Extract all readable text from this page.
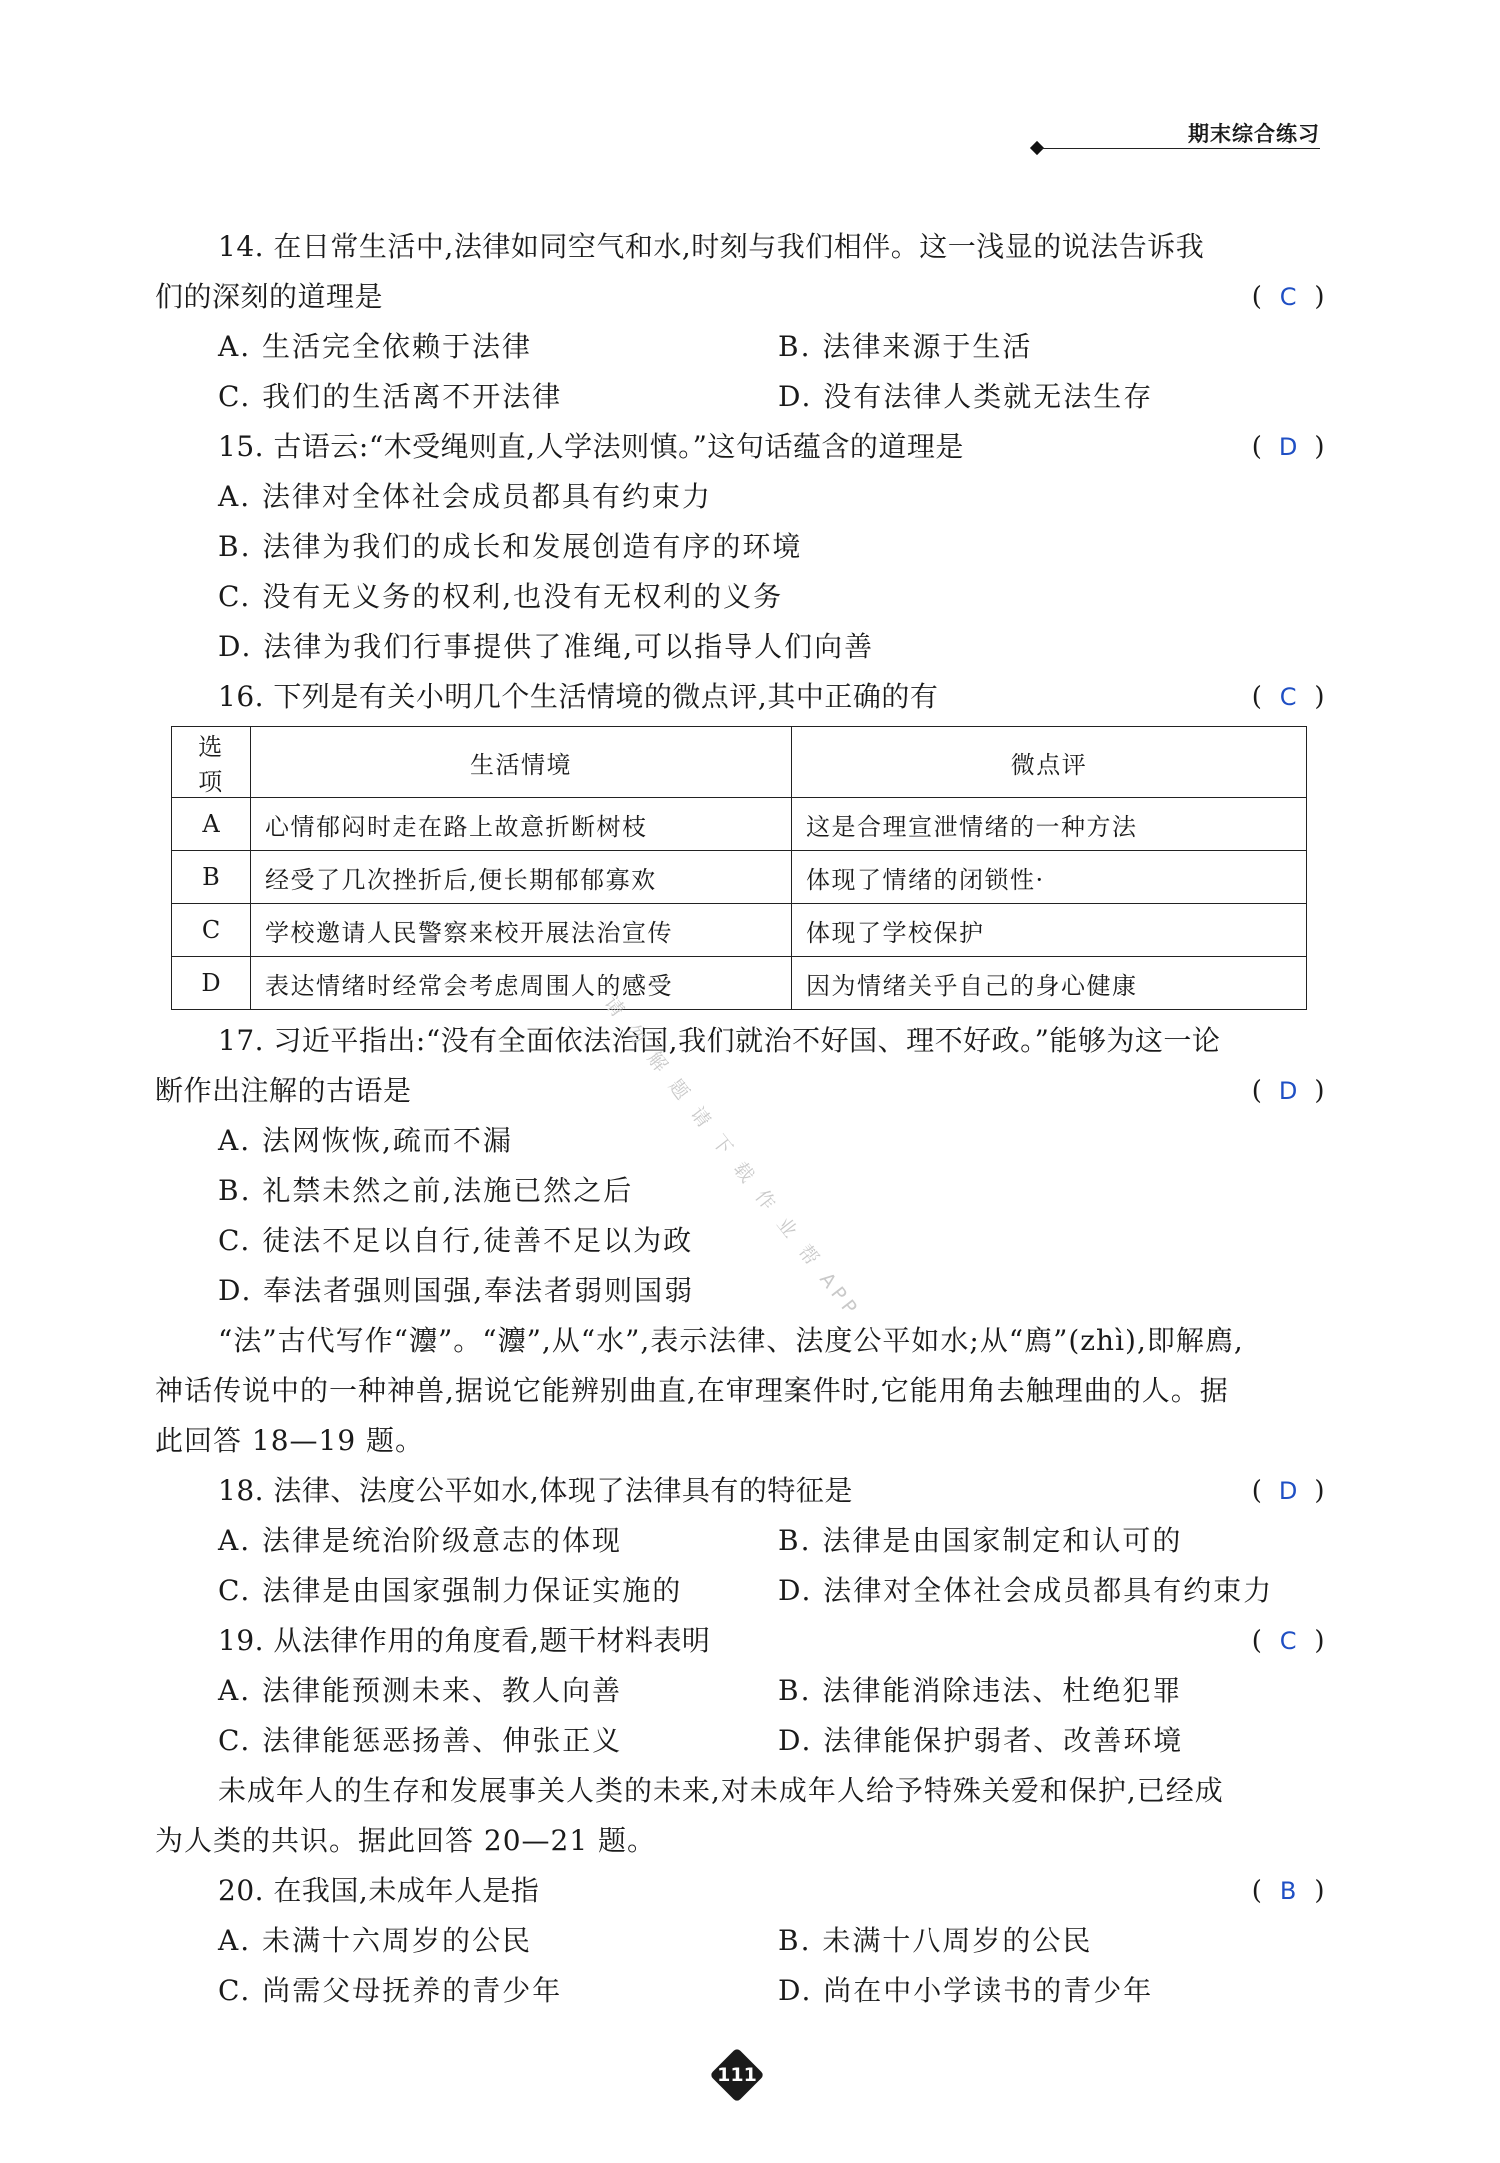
期末综合练习
14. 在日常生活中,法律如同空气和水,时刻与我们相伴。这一浅显的说法告诉我
们的深刻的道理是	( C )
A. 生活完全依赖于法律	B. 法律来源于生活
C. 我们的生活离不开法律	D. 没有法律人类就无法生存
15. 古语云:“木受绳则直,人学法则慎。”这句话蕴含的道理是	( D )
A. 法律对全体社会成员都具有约束力
B. 法律为我们的成长和发展创造有序的环境
C. 没有无义务的权利,也没有无权利的义务
D. 法律为我们行事提供了准绳,可以指导人们向善
16. 下列是有关小明几个生活情境的微点评,其中正确的有	( C )
选项	生活情境	微点评
A	心情郁闷时走在路上故意折断树枝	这是合理宣泄情绪的一种方法
B	经受了几次挫折后,便长期郁郁寡欢	体现了情绪的闭锁性·
C	学校邀请人民警察来校开展法治宣传	体现了学校保护
D	表达情绪时经常会考虑周围人的感受	因为情绪关乎自己的身心健康
17. 习近平指出:“没有全面依法治国,我们就治不好国、理不好政。”能够为这一论
断作出注解的古语是	( D )
A. 法网恢恢,疏而不漏
B. 礼禁未然之前,法施已然之后
C. 徒法不足以自行,徒善不足以为政
D. 奉法者强则国强,奉法者弱则国弱
“法”古代写作“灋”。“灋”,从“水”,表示法律、法度公平如水;从“廌”(zhì),即解廌,
神话传说中的一种神兽,据说它能辨别曲直,在审理案件时,它能用角去触理曲的人。据
此回答 18—19 题。
18. 法律、法度公平如水,体现了法律具有的特征是	( D )
A. 法律是统治阶级意志的体现	B. 法律是由国家制定和认可的
C. 法律是由国家强制力保证实施的	D. 法律对全体社会成员都具有约束力
19. 从法律作用的角度看,题干材料表明	( C )
A. 法律能预测未来、教人向善	B. 法律能消除违法、杜绝犯罪
C. 法律能惩恶扬善、伸张正义	D. 法律能保护弱者、改善环境
未成年人的生存和发展事关人类的未来,对未成年人给予特殊关爱和保护,已经成
为人类的共识。据此回答 20—21 题。
20. 在我国,未成年人是指	( B )
A. 未满十六周岁的公民	B. 未满十八周岁的公民
C. 尚需父母抚养的青少年	D. 尚在中小学读书的青少年
请 勿 解 题 请 下 载 作 业 帮 APP
111
